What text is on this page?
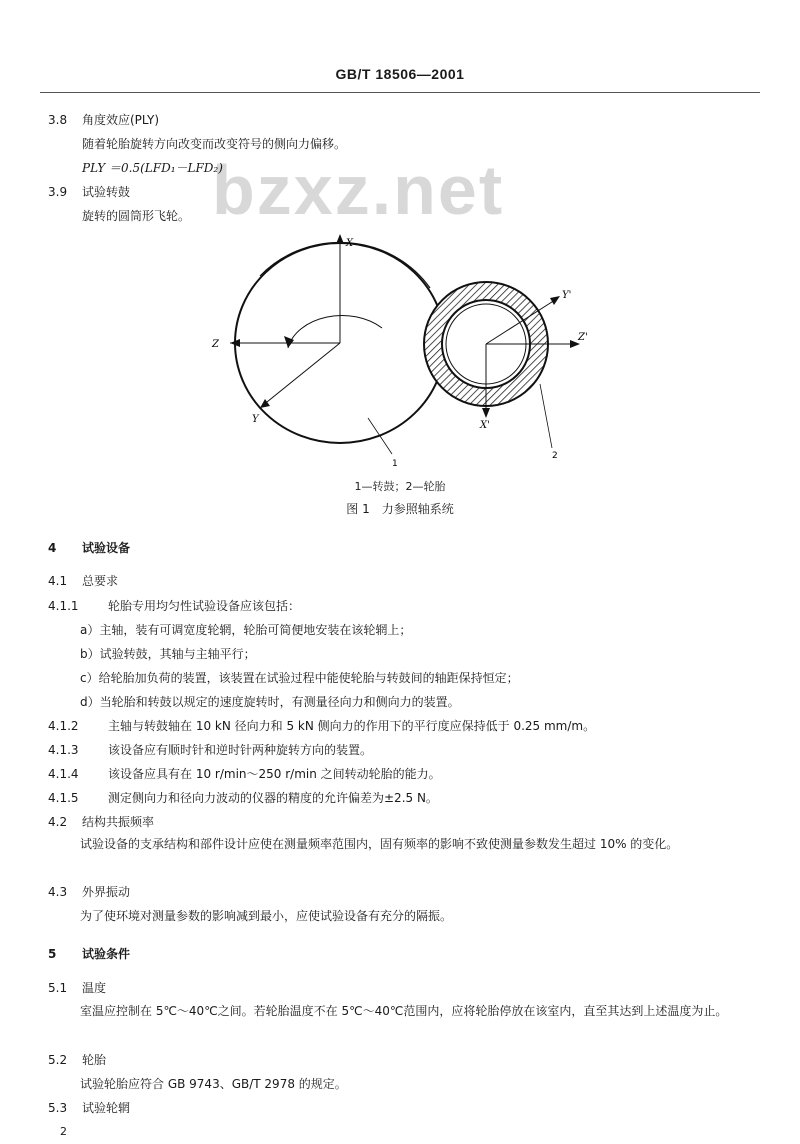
GB/T 18506—2001
bzxz.net
3.8 角度效应(PLY)
随着轮胎旋转方向改变而改变符号的侧向力偏移。
PLY ＝0.5(LFD₁－LFD₂)
3.9 试验转鼓
旋转的圆筒形飞轮。
X
Z
Y
Y'
Z'
X'
1
2
1—转鼓；2—轮胎
图 1　力参照轴系统
4 试验设备
4.1 总要求
4.1.1 轮胎专用均匀性试验设备应该包括：
a）主轴，装有可调宽度轮辋，轮胎可简便地安装在该轮辋上；
b）试验转鼓，其轴与主轴平行；
c）给轮胎加负荷的装置，该装置在试验过程中能使轮胎与转鼓间的轴距保持恒定；
d）当轮胎和转鼓以规定的速度旋转时，有测量径向力和侧向力的装置。
4.1.2 主轴与转鼓轴在 10 kN 径向力和 5 kN 侧向力的作用下的平行度应保持低于 0.25 mm/m。
4.1.3 该设备应有顺时针和逆时针两种旋转方向的装置。
4.1.4 该设备应具有在 10 r/min～250 r/min 之间转动轮胎的能力。
4.1.5 测定侧向力和径向力波动的仪器的精度的允许偏差为±2.5 N。
4.2 结构共振频率
试验设备的支承结构和部件设计应使在测量频率范围内，固有频率的影响不致使测量参数发生超过 10% 的变化。
4.3 外界振动
为了使环境对测量参数的影响减到最小，应使试验设备有充分的隔振。
5 试验条件
5.1 温度
室温应控制在 5℃～40℃之间。若轮胎温度不在 5℃～40℃范围内，应将轮胎停放在该室内，直至其达到上述温度为止。
5.2 轮胎
试验轮胎应符合 GB 9743、GB/T 2978 的规定。
5.3 试验轮辋
2
